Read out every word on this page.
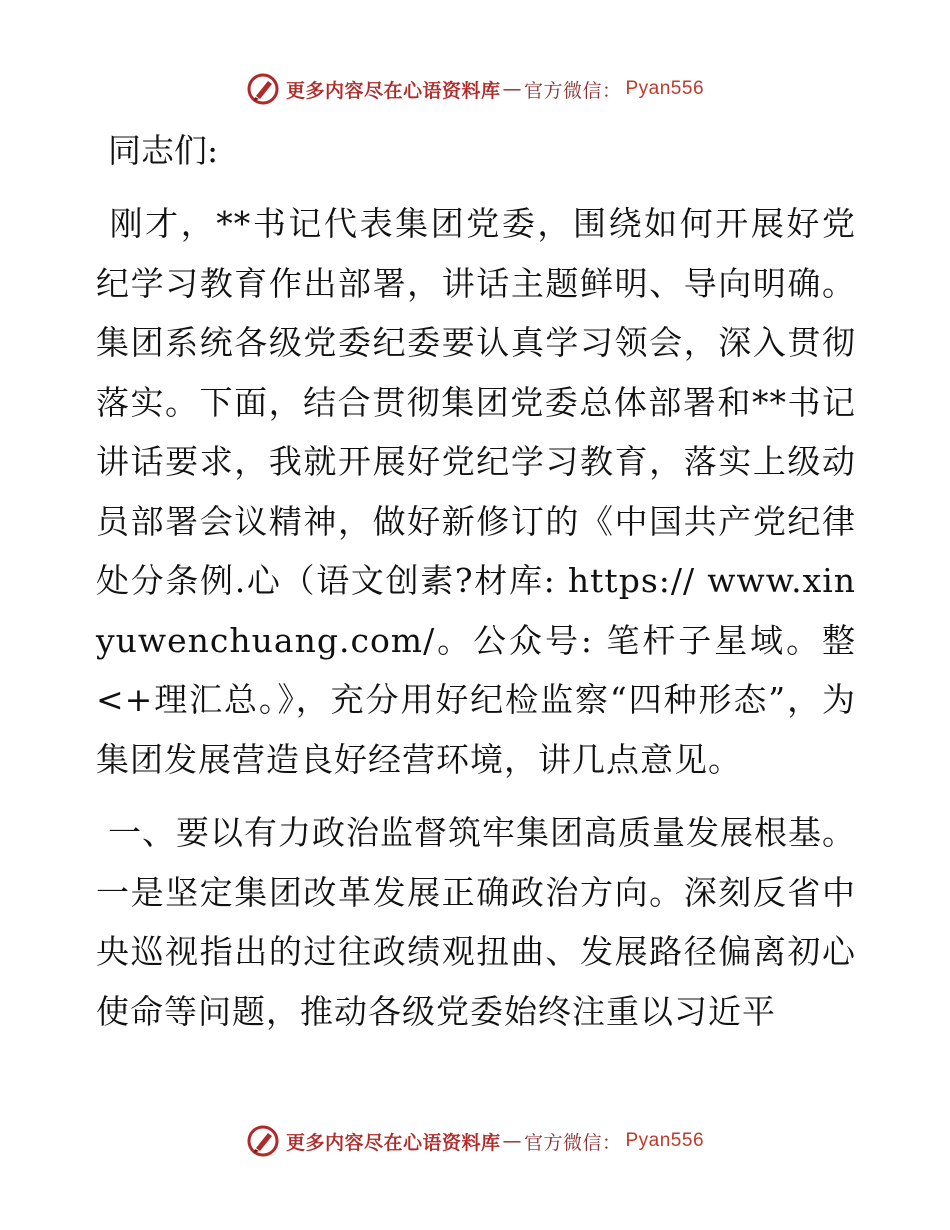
更多内容尽在心语资料库 — 官方微信： Pyan556
同志们:

刚才，**书记代表集团党委，围绕如何开展好党纪学习教育作出部署，讲话主题鲜明、导向明确。集团系统各级党委纪委要认真学习领会，深入贯彻落实。下面，结合贯彻集团党委总体部署和**书记讲话要求，我就开展好党纪学习教育，落实上级动员部署会议精神，做好新修订的《中国共产党纪律处分条例.心（语文创素?材库: https:// www.xinyuwenchuang.com/。公众号: 笔杆子星域。整<+理汇总。》，充分用好纪检监察“四种形态”，为集团发展营造良好经营环境，讲几点意见。

一、要以有力政治监督筑牢集团高质量发展根基。一是坚定集团改革发展正确政治方向。深刻反省中央巡视指出的过往政绩观扭曲、发展路径偏离初心使命等问题，推动各级党委始终注重以习近平

更多内容尽在心语资料库 — 官方微信： Pyan556
